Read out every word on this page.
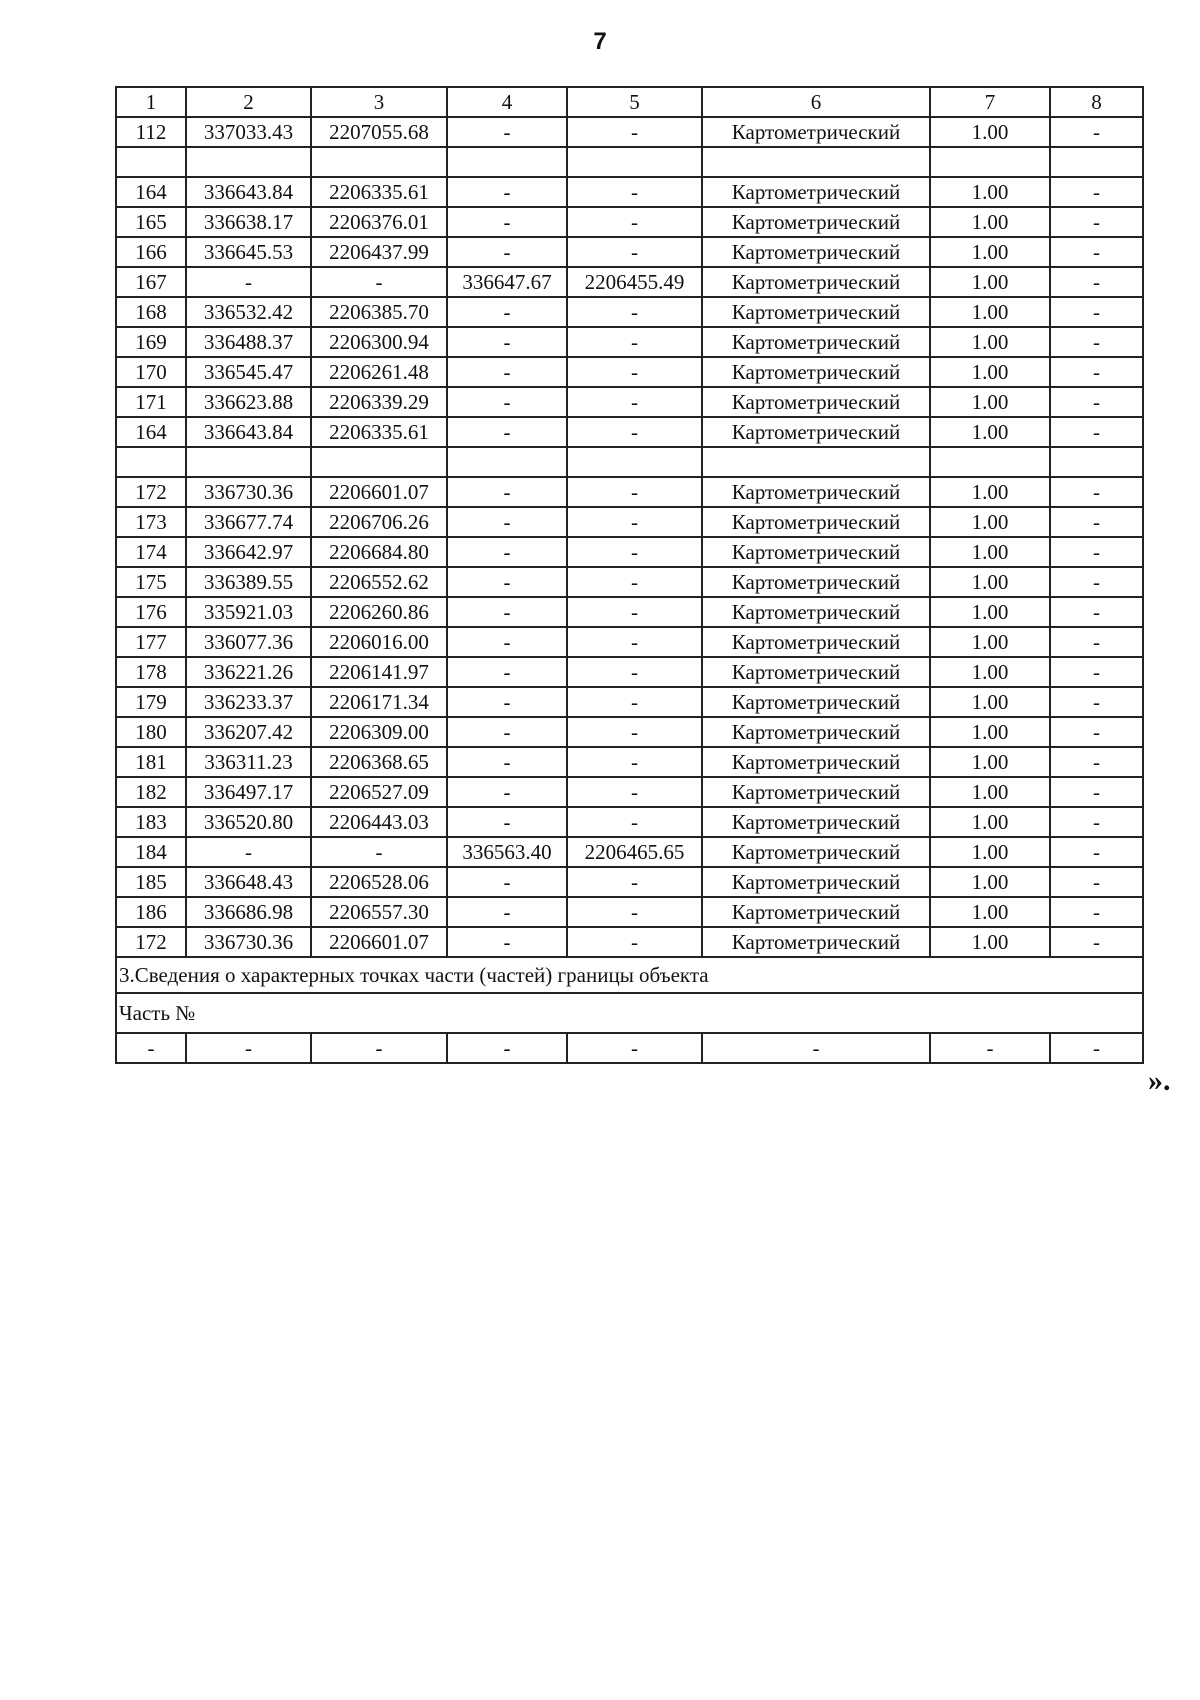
7
1	2	3	4	5	6	7	8
112	337033.43	2207055.68	-	-	Картометрический	1.00	-

164	336643.84	2206335.61	-	-	Картометрический	1.00	-
165	336638.17	2206376.01	-	-	Картометрический	1.00	-
166	336645.53	2206437.99	-	-	Картометрический	1.00	-
167	-	-	336647.67	2206455.49	Картометрический	1.00	-
168	336532.42	2206385.70	-	-	Картометрический	1.00	-
169	336488.37	2206300.94	-	-	Картометрический	1.00	-
170	336545.47	2206261.48	-	-	Картометрический	1.00	-
171	336623.88	2206339.29	-	-	Картометрический	1.00	-
164	336643.84	2206335.61	-	-	Картометрический	1.00	-

172	336730.36	2206601.07	-	-	Картометрический	1.00	-
173	336677.74	2206706.26	-	-	Картометрический	1.00	-
174	336642.97	2206684.80	-	-	Картометрический	1.00	-
175	336389.55	2206552.62	-	-	Картометрический	1.00	-
176	335921.03	2206260.86	-	-	Картометрический	1.00	-
177	336077.36	2206016.00	-	-	Картометрический	1.00	-
178	336221.26	2206141.97	-	-	Картометрический	1.00	-
179	336233.37	2206171.34	-	-	Картометрический	1.00	-
180	336207.42	2206309.00	-	-	Картометрический	1.00	-
181	336311.23	2206368.65	-	-	Картометрический	1.00	-
182	336497.17	2206527.09	-	-	Картометрический	1.00	-
183	336520.80	2206443.03	-	-	Картометрический	1.00	-
184	-	-	336563.40	2206465.65	Картометрический	1.00	-
185	336648.43	2206528.06	-	-	Картометрический	1.00	-
186	336686.98	2206557.30	-	-	Картометрический	1.00	-
172	336730.36	2206601.07	-	-	Картометрический	1.00	-
3.Сведения о характерных точках части (частей) границы объекта							
Часть №							
-	-	-	-	-	-	-	-
».
